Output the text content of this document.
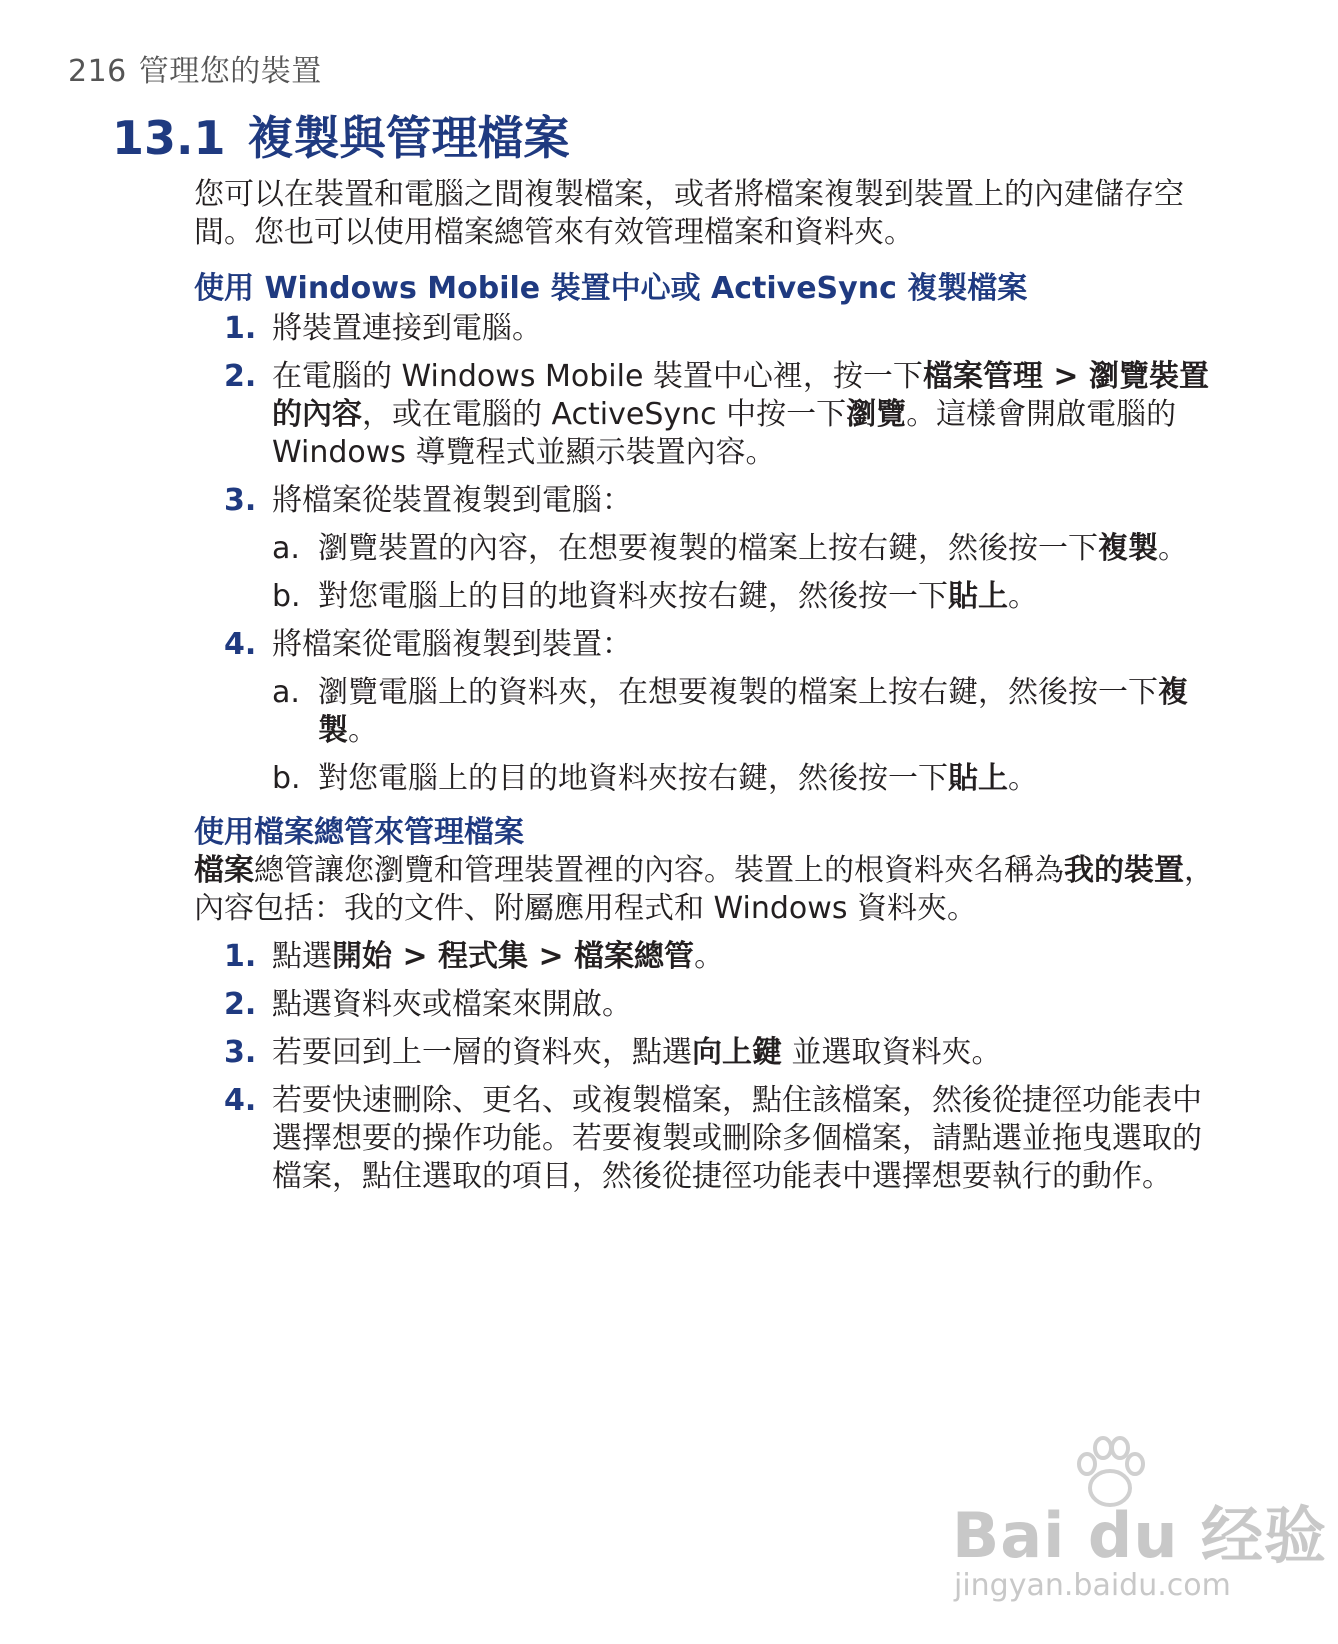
216 管理您的裝置
13.1 複製與管理檔案

您可以在裝置和電腦之間複製檔案，或者將檔案複製到裝置上的內建儲存空間。您也可以使用檔案總管來有效管理檔案和資料夾。

使用 Windows Mobile 裝置中心或 ActiveSync 複製檔案
1. 將裝置連接到電腦。
2. 在電腦的 Windows Mobile 裝置中心裡，按一下檔案管理 > 瀏覽裝置的內容，或在電腦的 ActiveSync 中按一下瀏覽。這樣會開啟電腦的 Windows 導覽程式並顯示裝置內容。
3. 將檔案從裝置複製到電腦：
a. 瀏覽裝置的內容，在想要複製的檔案上按右鍵，然後按一下複製。
b. 對您電腦上的目的地資料夾按右鍵，然後按一下貼上。
4. 將檔案從電腦複製到裝置：
a. 瀏覽電腦上的資料夾，在想要複製的檔案上按右鍵，然後按一下複製。
b. 對您電腦上的目的地資料夾按右鍵，然後按一下貼上。
使用檔案總管來管理檔案

檔案總管讓您瀏覽和管理裝置裡的內容。裝置上的根資料夾名稱為我的裝置，內容包括：我的文件、附屬應用程式和 Windows 資料夾。

1. 點選開始 > 程式集 > 檔案總管。
2. 點選資料夾或檔案來開啟。
3. 若要回到上一層的資料夾，點選向上鍵 並選取資料夾。
4. 若要快速刪除、更名、或複製檔案，點住該檔案，然後從捷徑功能表中選擇想要的操作功能。若要複製或刪除多個檔案，請點選並拖曳選取的檔案，點住選取的項目，然後從捷徑功能表中選擇想要執行的動作。
Bai du 经验
jingyan.baidu.com
